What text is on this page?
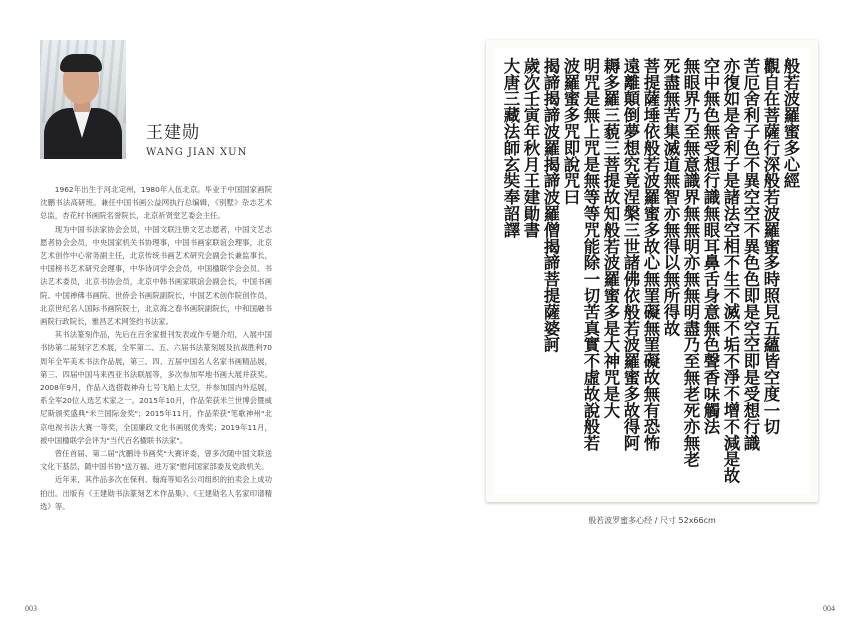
王建勋
WANG JIAN XUN

1962年出生于河北定州，1980年入伍北京。毕业于中国国家画院沈鹏书法高研班。兼任中国书画公益网执行总编辑，《别墅》杂志艺术总监，杏花村书画院名誉院长，北京祈贤堂艺委会主任。

现为中国书法家协会会员，中国文联注册文艺志愿者，中国文艺志愿者协会会员，中央国家机关书协理事，中国书画家联谊会理事，北京艺术创作中心常务副主任，北京传统书画艺术研究会副会长兼监事长，中国榜书艺术研究会理事，中华诗词学会会员，中国楹联学会会员、书法艺术委员，北京书协会员，北京中韩书画家联谊会副会长，中国书画院、中国禅佛书画院、世侨会书画院副院长，中国艺术创作院创作员，北京世纪名人国际书画院院士，北京海之春书画院副院长，中和国融书画院行政院长，雅昌艺术网签约书法家。

其书法篆刻作品，先后在百余家报刊发表或作专题介绍，入展中国书协第二届刻字艺术展，全军第二、五、六届书法篆刻展及抗战胜利70周年全军美术书法作品展，第三、四、五届中国名人名家书画精品展，第三、四届中国马来西亚书法联展等，多次参加军地书画大展并获奖。2008年9月，作品入选搭载神舟七号飞船上太空，并参加国内外巡展，系全军20位入选艺术家之一。2015年10月，作品荣获米兰世博会暨威尼斯颁奖盛典"米兰国际金奖"；2015年11月，作品荣获"笔歌神州"北京电视书法大赛一等奖，全国廉政文化书画展优秀奖；2019年11月，被中国楹联学会评为"当代百名楹联书法家"。

曾任首届、第二届"沈鹏诗书画奖"大赛评委，曾多次随中国文联送文化下基层，随中国书协"送万福、进万家"慰问国家部委及党政机关。

近年来，其作品多次在保利、翰海等知名公司组织的拍卖会上成功拍出。出版有《王建勋书法篆刻艺术作品集》、《王建勋名人名家印谱精选》等。

003
般
若
波
羅
蜜
多
心
經
觀
自
在
菩
薩
行
深
般
若
波
羅
蜜
多
時
照
見
五
蘊
皆
空
度
一
切
苦
厄
舍
利
子
色
不
異
空
空
不
異
色
色
即
是
空
空
即
是
受
想
行
識
亦
復
如
是
舍
利
子
是
諸
法
空
相
不
生
不
滅
不
垢
不
淨
不
增
不
減
是
故
空
中
無
色
無
受
想
行
識
無
眼
耳
鼻
舌
身
意
無
色
聲
香
味
觸
法
無
眼
界
乃
至
無
意
識
界
無
無
明
亦
無
無
明
盡
乃
至
無
老
死
亦
無
老
死
盡
無
苦
集
滅
道
無
智
亦
無
得
以
無
所
得
故
菩
提
薩
埵
依
般
若
波
羅
蜜
多
故
心
無
罣
礙
無
罣
礙
故
無
有
恐
怖
遠
離
顛
倒
夢
想
究
竟
涅
槃
三
世
諸
佛
依
般
若
波
羅
蜜
多
故
得
阿
耨
多
羅
三
藐
三
菩
提
故
知
般
若
波
羅
蜜
多
是
大
神
咒
是
大
明
咒
是
無
上
咒
是
無
等
等
咒
能
除
一
切
苦
真
實
不
虛
故
說
般
若
波
羅
蜜
多
咒
即
說
咒
曰
揭
諦
揭
諦
波
羅
揭
諦
波
羅
僧
揭
諦
菩
提
薩
婆
訶
歲
次
壬
寅
年
秋
月
王
建
勛
書
大
唐
三
藏
法
師
玄
奘
奉
詔
譯
般若波罗蜜多心经 / 尺寸 52x66cm
004
